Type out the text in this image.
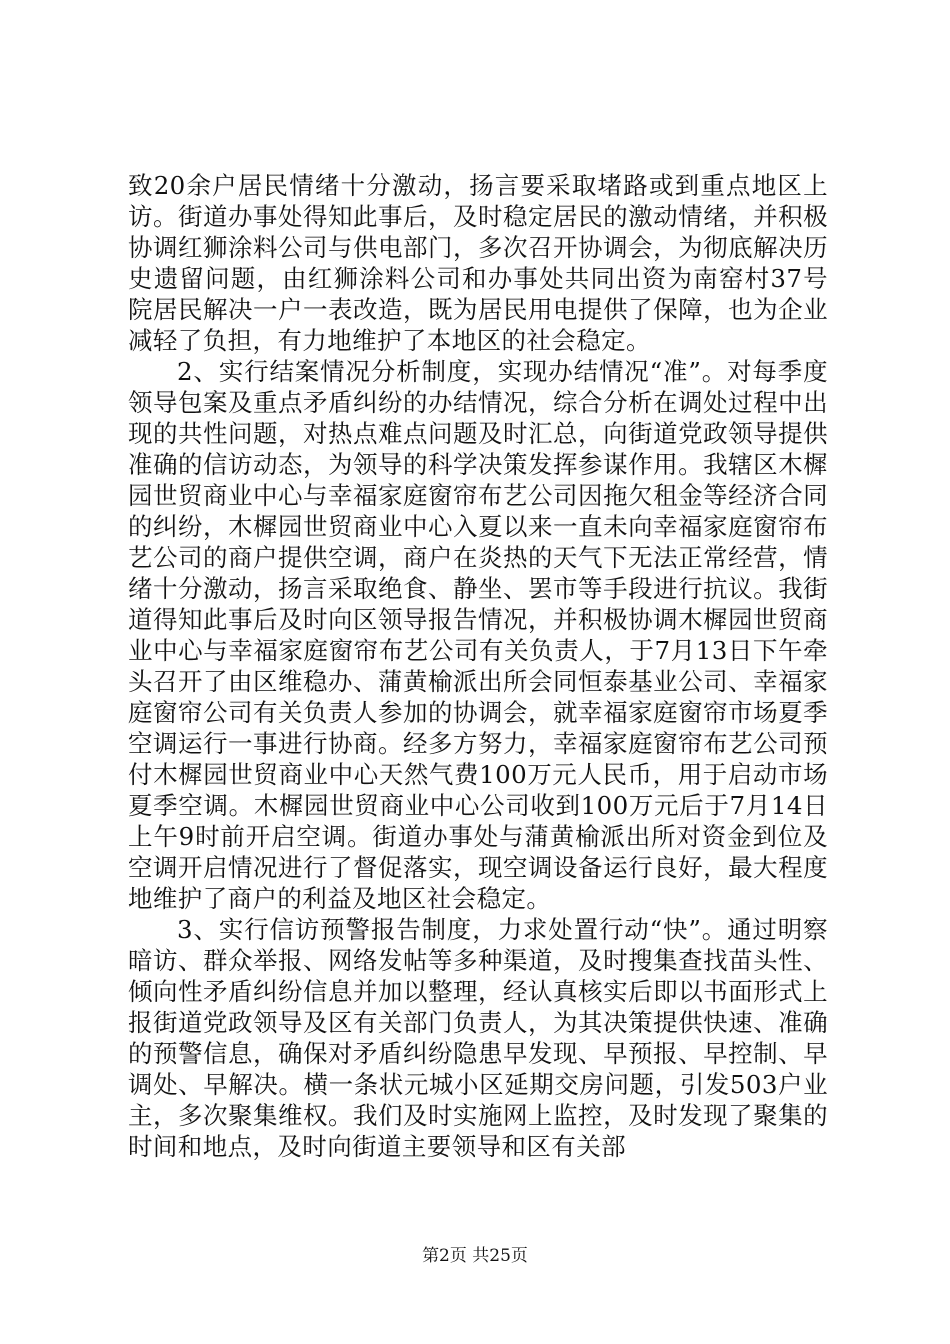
致20余户居民情绪十分激动，扬言要采取堵路或到重点地区上访。街道办事处得知此事后，及时稳定居民的激动情绪，并积极协调红狮涂料公司与供电部门，多次召开协调会，为彻底解决历史遗留问题，由红狮涂料公司和办事处共同出资为南窑村37号院居民解决一户一表改造，既为居民用电提供了保障，也为企业减轻了负担，有力地维护了本地区的社会稳定。

2、实行结案情况分析制度，实现办结情况“准”。对每季度领导包案及重点矛盾纠纷的办结情况，综合分析在调处过程中出现的共性问题，对热点难点问题及时汇总，向街道党政领导提供准确的信访动态，为领导的科学决策发挥参谋作用。我辖区木樨园世贸商业中心与幸福家庭窗帘布艺公司因拖欠租金等经济合同的纠纷，木樨园世贸商业中心入夏以来一直未向幸福家庭窗帘布艺公司的商户提供空调，商户在炎热的天气下无法正常经营，情绪十分激动，扬言采取绝食、静坐、罢市等手段进行抗议。我街道得知此事后及时向区领导报告情况，并积极协调木樨园世贸商业中心与幸福家庭窗帘布艺公司有关负责人，于7月13日下午牵头召开了由区维稳办、蒲黄榆派出所会同恒泰基业公司、幸福家庭窗帘公司有关负责人参加的协调会，就幸福家庭窗帘市场夏季空调运行一事进行协商。经多方努力，幸福家庭窗帘布艺公司预付木樨园世贸商业中心天然气费100万元人民币，用于启动市场夏季空调。木樨园世贸商业中心公司收到100万元后于7月14日上午9时前开启空调。街道办事处与蒲黄榆派出所对资金到位及空调开启情况进行了督促落实，现空调设备运行良好，最大程度地维护了商户的利益及地区社会稳定。

3、实行信访预警报告制度，力求处置行动“快”。通过明察暗访、群众举报、网络发帖等多种渠道，及时搜集查找苗头性、倾向性矛盾纠纷信息并加以整理，经认真核实后即以书面形式上报街道党政领导及区有关部门负责人，为其决策提供快速、准确的预警信息，确保对矛盾纠纷隐患早发现、早预报、早控制、早调处、早解决。横一条状元城小区延期交房问题，引发503户业主，多次聚集维权。我们及时实施网上监控，及时发现了聚集的时间和地点，及时向街道主要领导和区有关部

第2页 共25页
